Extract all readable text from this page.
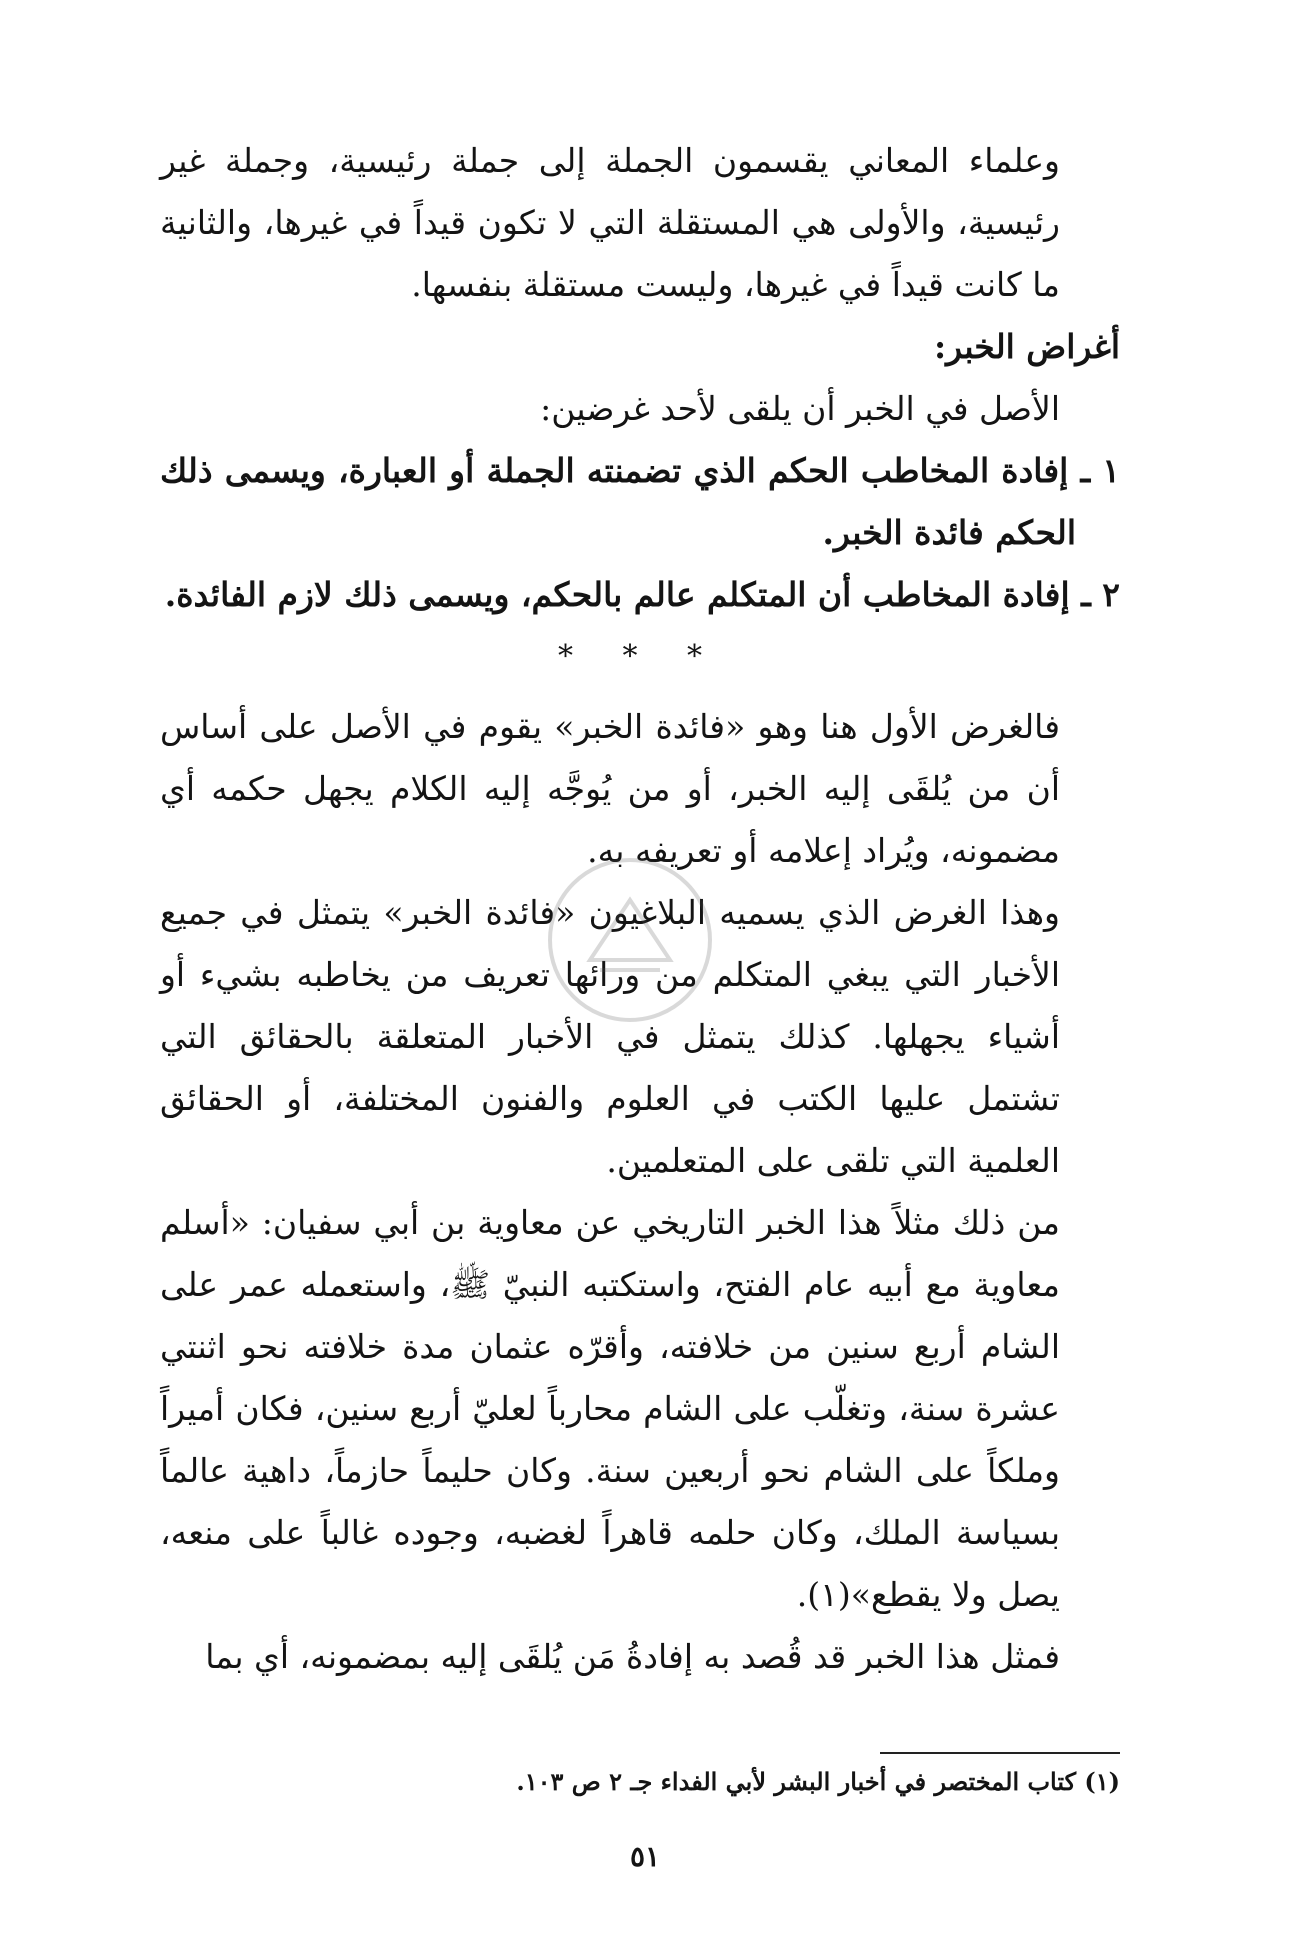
وعلماء المعاني يقسمون الجملة إلى جملة رئيسية، وجملة غير رئيسية، والأولى هي المستقلة التي لا تكون قيداً في غيرها، والثانية ما كانت قيداً في غيرها، وليست مستقلة بنفسها.

أغراض الخبر:

الأصل في الخبر أن يلقى لأحد غرضين:

١ ـ إفادة المخاطب الحكم الذي تضمنته الجملة أو العبارة، ويسمى ذلك الحكم فائدة الخبر.

٢ ـ إفادة المخاطب أن المتكلم عالم بالحكم، ويسمى ذلك لازم الفائدة.

* * *

فالغرض الأول هنا وهو «فائدة الخبر» يقوم في الأصل على أساس أن من يُلقَى إليه الخبر، أو من يُوجَّه إليه الكلام يجهل حكمه أي مضمونه، ويُراد إعلامه أو تعريفه به.

وهذا الغرض الذي يسميه البلاغيون «فائدة الخبر» يتمثل في جميع الأخبار التي يبغي المتكلم من ورائها تعريف من يخاطبه بشيء أو أشياء يجهلها. كذلك يتمثل في الأخبار المتعلقة بالحقائق التي تشتمل عليها الكتب في العلوم والفنون المختلفة، أو الحقائق العلمية التي تلقى على المتعلمين.

من ذلك مثلاً هذا الخبر التاريخي عن معاوية بن أبي سفيان: «أسلم معاوية مع أبيه عام الفتح، واستكتبه النبيّ ﷺ، واستعمله عمر على الشام أربع سنين من خلافته، وأقرّه عثمان مدة خلافته نحو اثنتي عشرة سنة، وتغلّب على الشام محارباً لعليّ أربع سنين، فكان أميراً وملكاً على الشام نحو أربعين سنة. وكان حليماً حازماً، داهية عالماً بسياسة الملك، وكان حلمه قاهراً لغضبه، وجوده غالباً على منعه، يصل ولا يقطع»(١).

فمثل هذا الخبر قد قُصد به إفادةُ مَن يُلقَى إليه بمضمونه، أي بما

(١) كتاب المختصر في أخبار البشر لأبي الفداء جـ ٢ ص ١٠٣.
٥١
